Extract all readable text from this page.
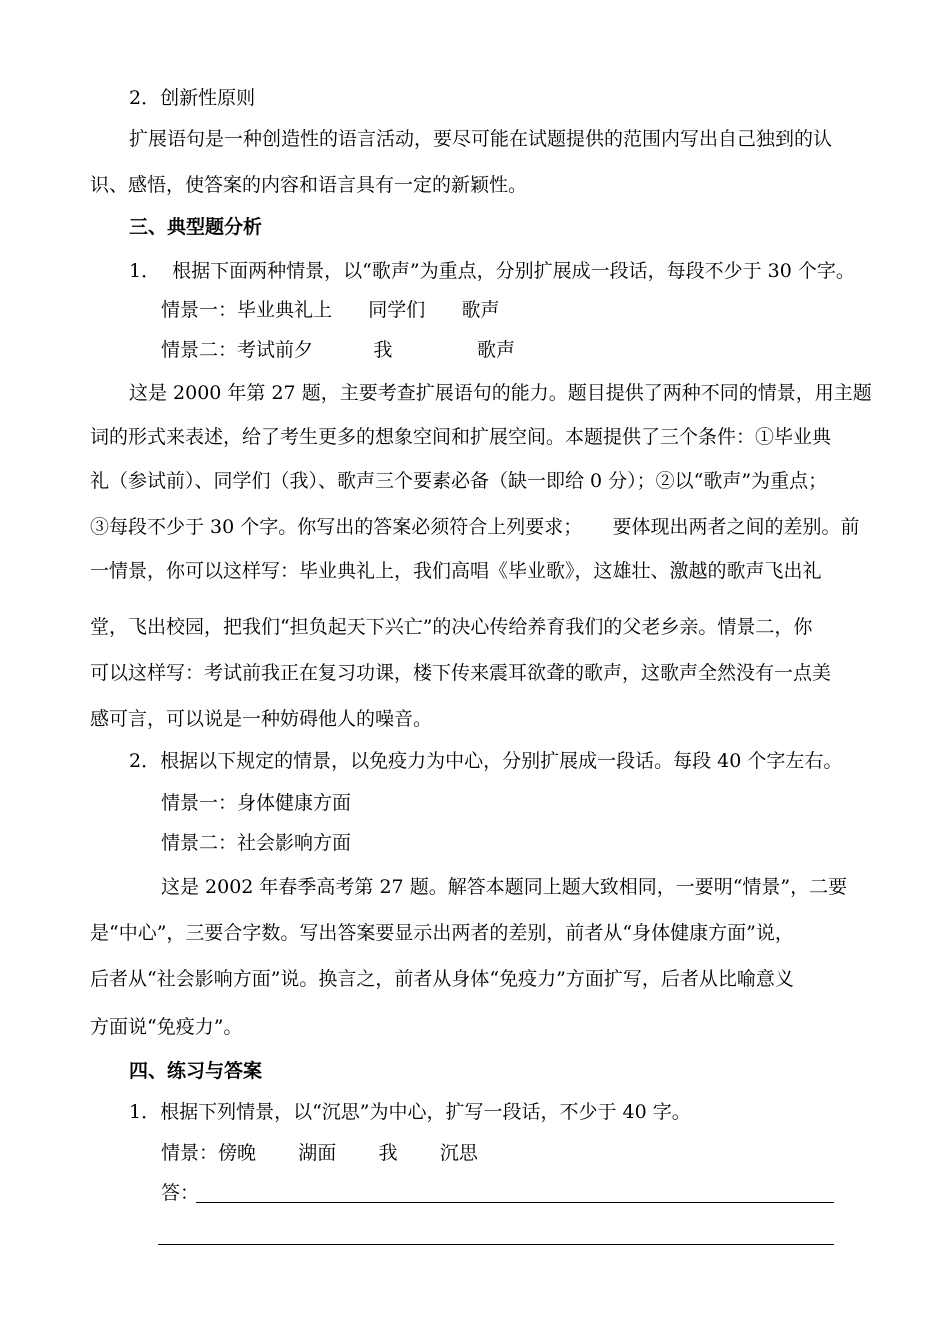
2．创新性原则
扩展语句是一种创造性的语言活动，要尽可能在试题提供的范围内写出自己独到的认
识、感悟，使答案的内容和语言具有一定的新颖性。
三、典型题分析
1．  根据下面两种情景，以“歌声”为重点，分别扩展成一段话，每段不少于 30 个字。
情景一：毕业典礼上      同学们      歌声
情景二：考试前夕          我              歌声
这是 2000 年第 27 题，主要考查扩展语句的能力。题目提供了两种不同的情景，用主题
词的形式来表述，给了考生更多的想象空间和扩展空间。本题提供了三个条件：①毕业典
礼（参试前）、同学们（我）、歌声三个要素必备（缺一即给 0 分）；②以“歌声”为重点；
③每段不少于 30 个字。你写出的答案必须符合上列要求；     要体现出两者之间的差别。前
一情景，你可以这样写：毕业典礼上，我们高唱《毕业歌》，这雄壮、激越的歌声飞出礼
堂，飞出校园，把我们“担负起天下兴亡”的决心传给养育我们的父老乡亲。情景二，你
可以这样写：考试前我正在复习功课，楼下传来震耳欲聋的歌声，这歌声全然没有一点美
感可言，可以说是一种妨碍他人的噪音。
2．根据以下规定的情景，以免疫力为中心，分别扩展成一段话。每段 40 个字左右。
情景一：身体健康方面
情景二：社会影响方面
这是 2002 年春季高考第 27 题。解答本题同上题大致相同，一要明“情景”，二要
是“中心”，三要合字数。写出答案要显示出两者的差别，前者从“身体健康方面”说，
后者从“社会影响方面”说。换言之，前者从身体“免疫力”方面扩写，后者从比喻意义
方面说“免疫力”。
四、练习与答案
1．根据下列情景，以“沉思”为中心，扩写一段话，不少于 40 字。
情景：傍晚       湖面       我       沉思
答：
